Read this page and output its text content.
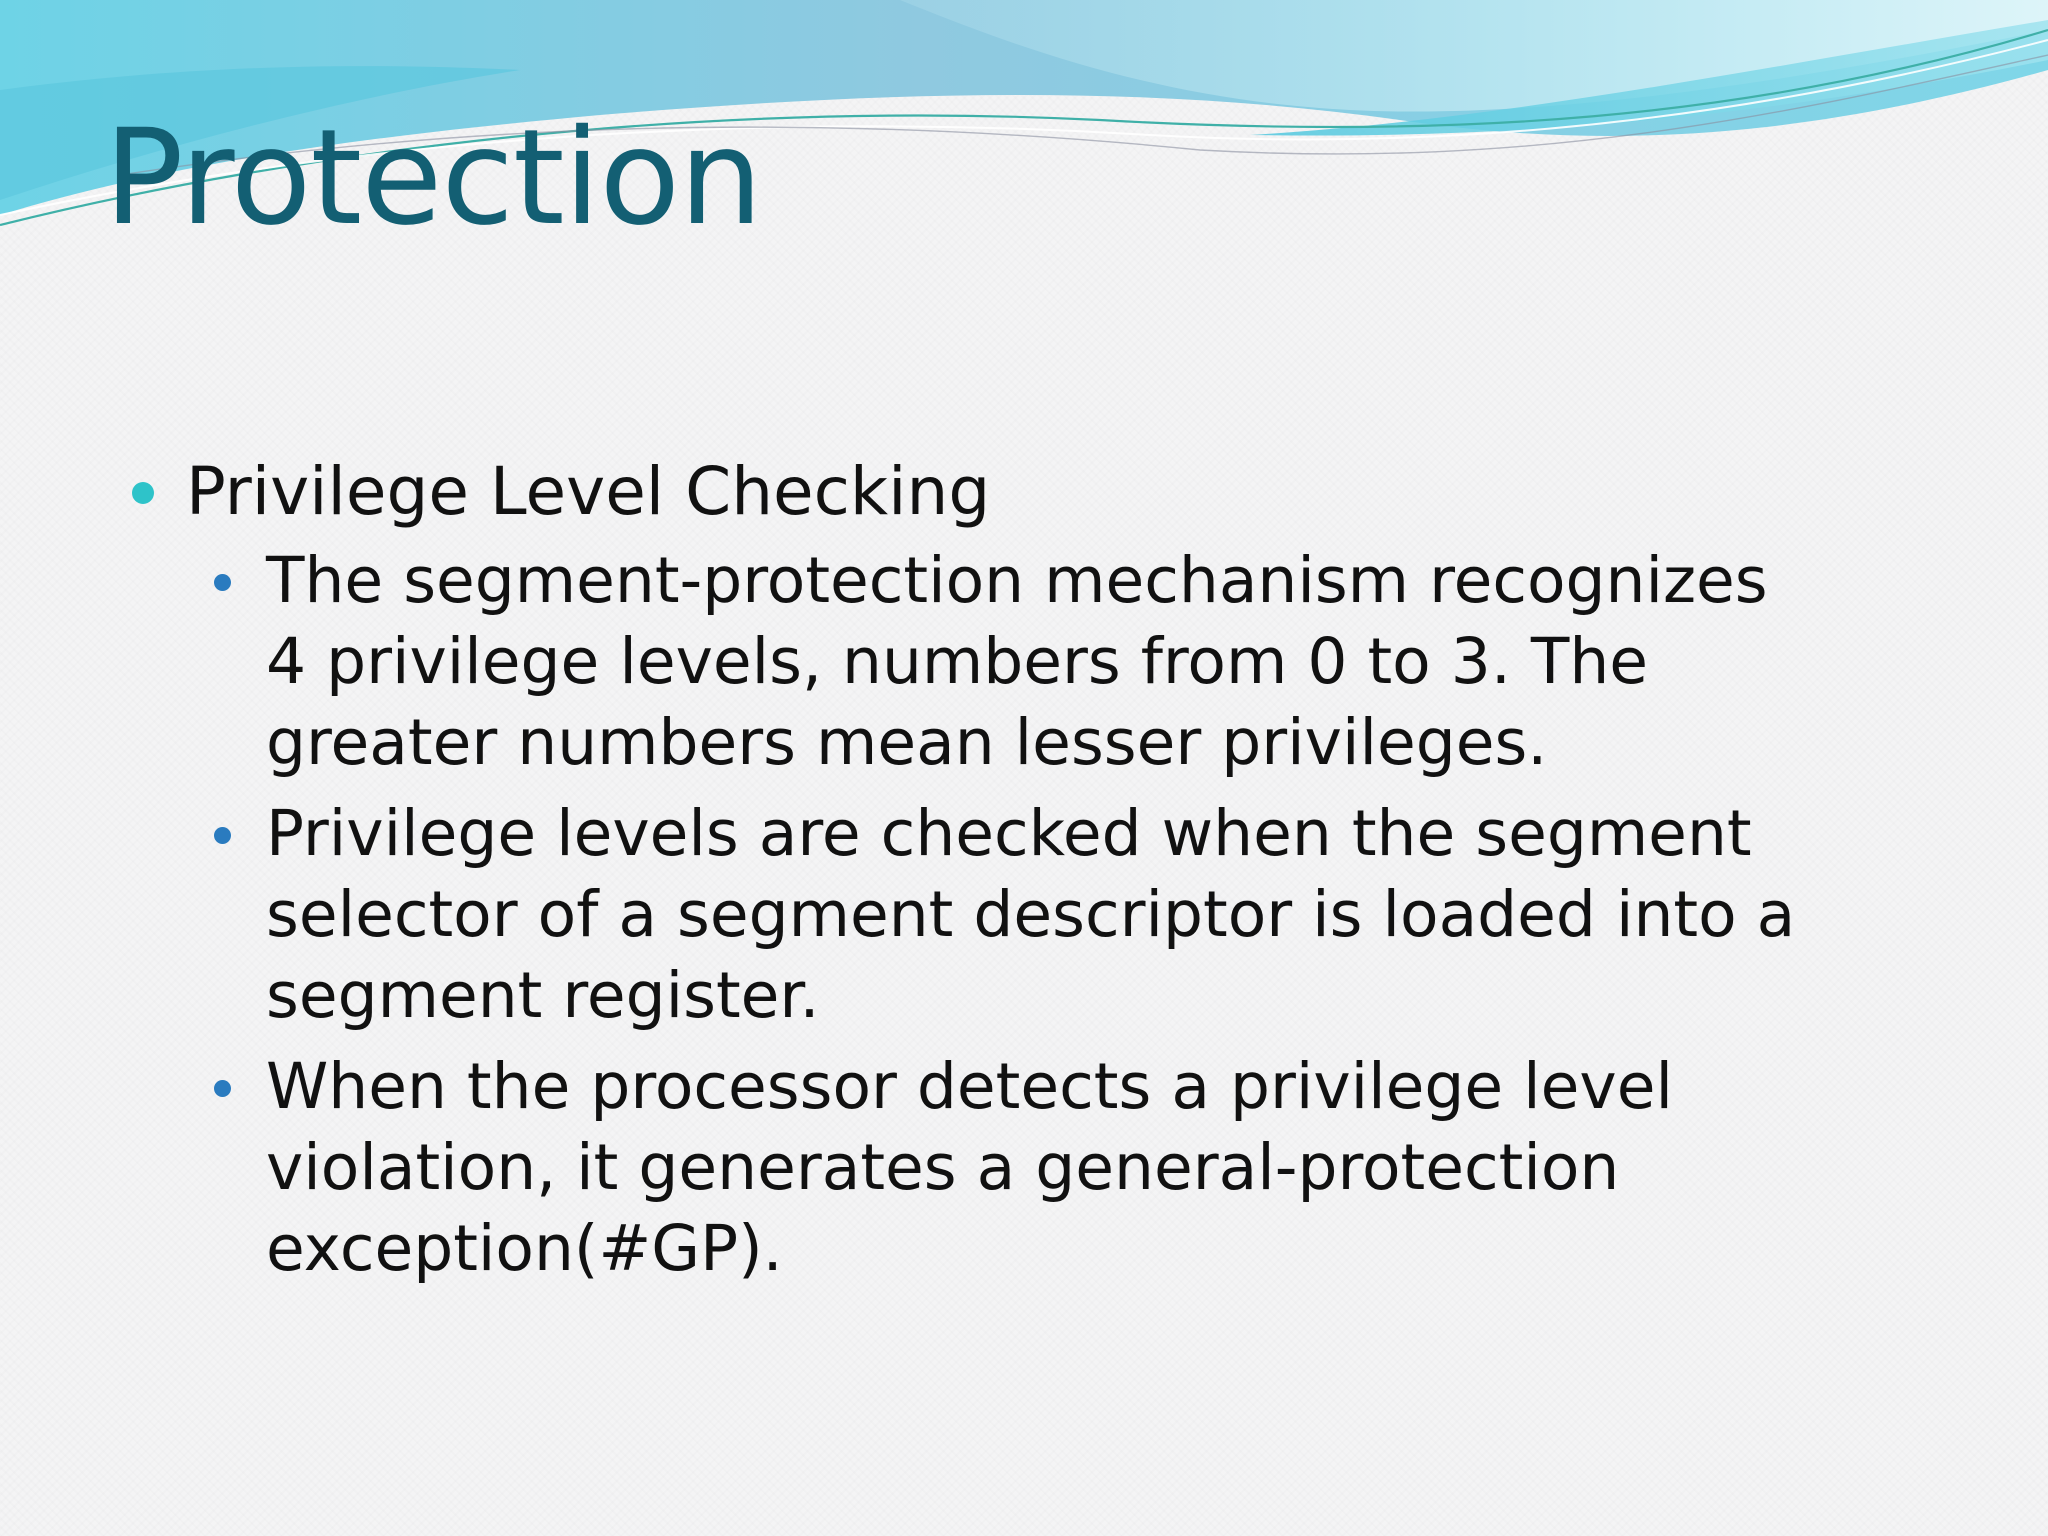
Protection
Privilege Level Checking
The segment-protection mechanism recognizes 4 privilege levels, numbers from 0 to 3. The greater numbers mean lesser privileges.
Privilege levels are checked when the segment selector of a segment descriptor is loaded into a segment register.
When the processor detects a privilege level violation, it generates a general-protection exception(#GP).
